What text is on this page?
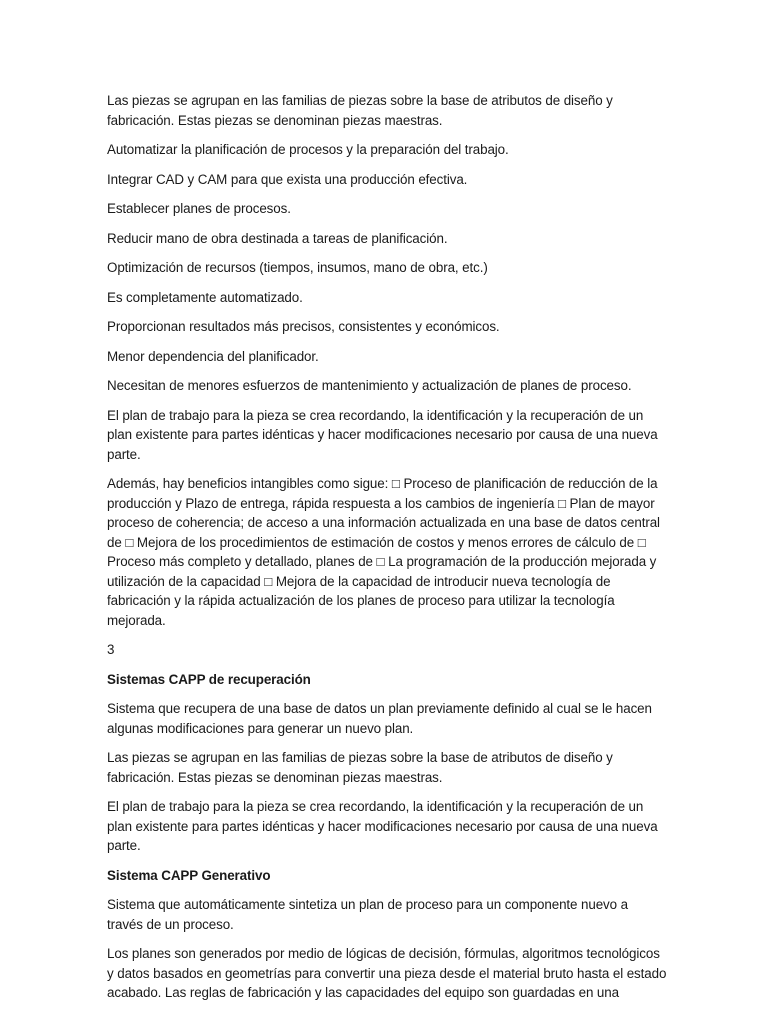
Las piezas se agrupan en las familias de piezas sobre la base de atributos de diseño y fabricación. Estas piezas se denominan piezas maestras.

Automatizar la planificación de procesos y la preparación del trabajo.

Integrar CAD y CAM para que exista una producción efectiva.

Establecer planes de procesos.

Reducir mano de obra destinada a tareas de planificación.

Optimización de recursos (tiempos, insumos, mano de obra, etc.)

Es completamente automatizado.

Proporcionan resultados más precisos, consistentes y económicos.

Menor dependencia del planificador.

Necesitan de menores esfuerzos de mantenimiento y actualización de planes de proceso.

El plan de trabajo para la pieza se crea recordando, la identificación y la recuperación de un plan existente para partes idénticas y hacer modificaciones necesario por causa de una nueva parte.

Además, hay beneficios intangibles como sigue: □ Proceso de planificación de reducción de la producción y Plazo de entrega, rápida respuesta a los cambios de ingeniería □ Plan de mayor proceso de coherencia; de acceso a una información actualizada en una base de datos central de □ Mejora de los procedimientos de estimación de costos y menos errores de cálculo de □ Proceso más completo y detallado, planes de □ La programación de la producción mejorada y utilización de la capacidad □ Mejora de la capacidad de introducir nueva tecnología de fabricación y la rápida actualización de los planes de proceso para utilizar la tecnología mejorada.

3

Sistemas CAPP de recuperación

Sistema que recupera de una base de datos un plan previamente definido al cual se le hacen algunas modificaciones para generar un nuevo plan.

Las piezas se agrupan en las familias de piezas sobre la base de atributos de diseño y fabricación. Estas piezas se denominan piezas maestras.

El plan de trabajo para la pieza se crea recordando, la identificación y la recuperación de un plan existente para partes idénticas y hacer modificaciones necesario por causa de una nueva parte.

Sistema CAPP Generativo

Sistema que automáticamente sintetiza un plan de proceso para un componente nuevo a través de un proceso.

Los planes son generados por medio de lógicas de decisión, fórmulas, algoritmos tecnológicos y datos basados en geometrías para convertir una pieza desde el material bruto hasta el estado acabado. Las reglas de fabricación y las capacidades del equipo son guardadas en una
